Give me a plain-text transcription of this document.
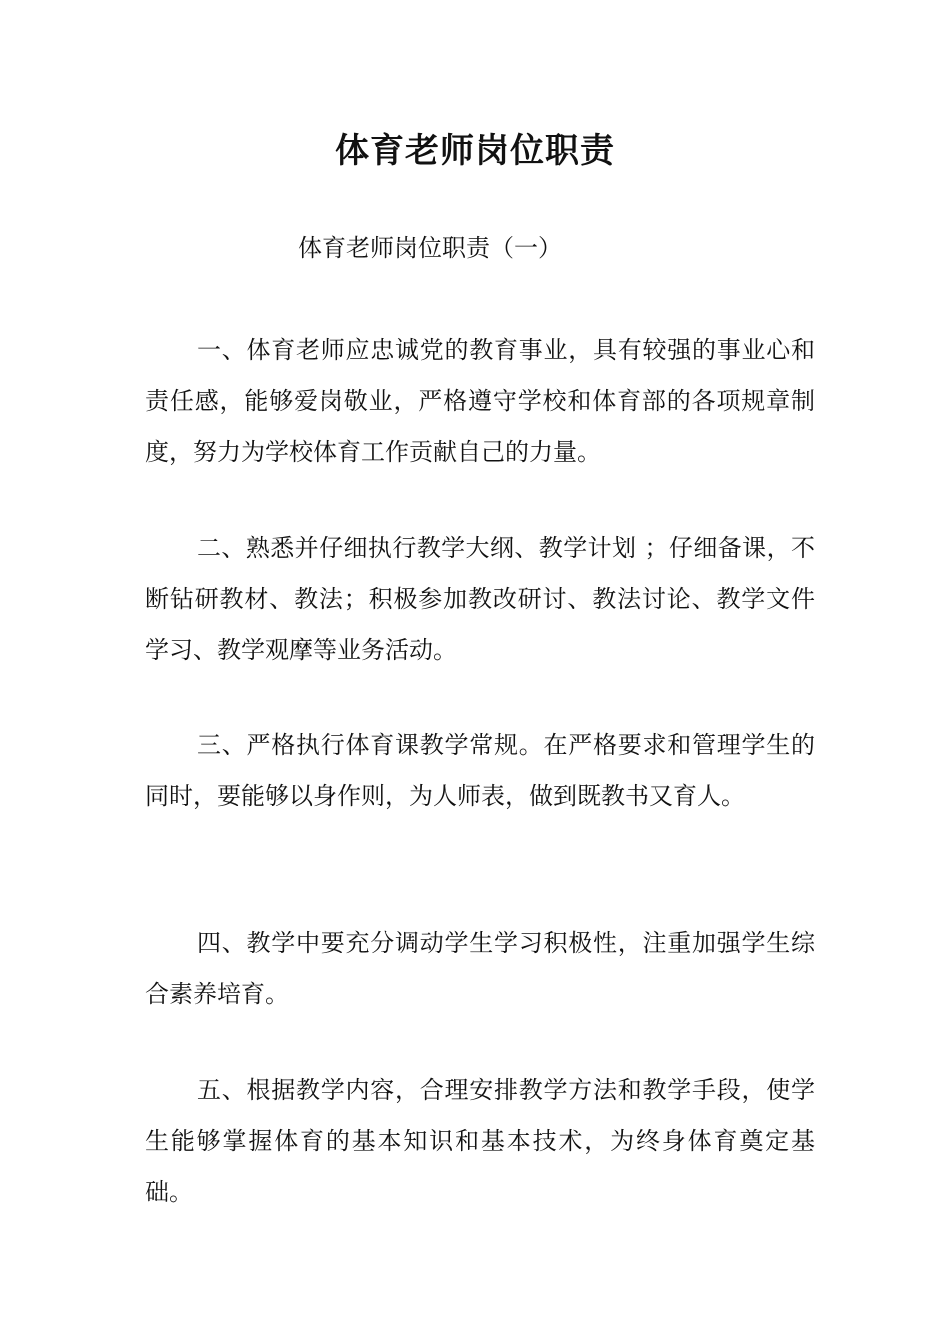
体育老师岗位职责
体育老师岗位职责（一）
一、体育老师应忠诚党的教育事业，具有较强的事业心和责任感，能够爱岗敬业，严格遵守学校和体育部的各项规章制度，努力为学校体育工作贡献自己的力量。
二、熟悉并仔细执行教学大纲、教学计划 ；仔细备课，不断钻研教材、教法；积极参加教改研讨、教法讨论、教学文件学习、教学观摩等业务活动。
三、严格执行体育课教学常规。在严格要求和管理学生的同时，要能够以身作则，为人师表，做到既教书又育人。
四、教学中要充分调动学生学习积极性，注重加强学生综合素养培育。
五、根据教学内容，合理安排教学方法和教学手段，使学生能够掌握体育的基本知识和基本技术，为终身体育奠定基础。
